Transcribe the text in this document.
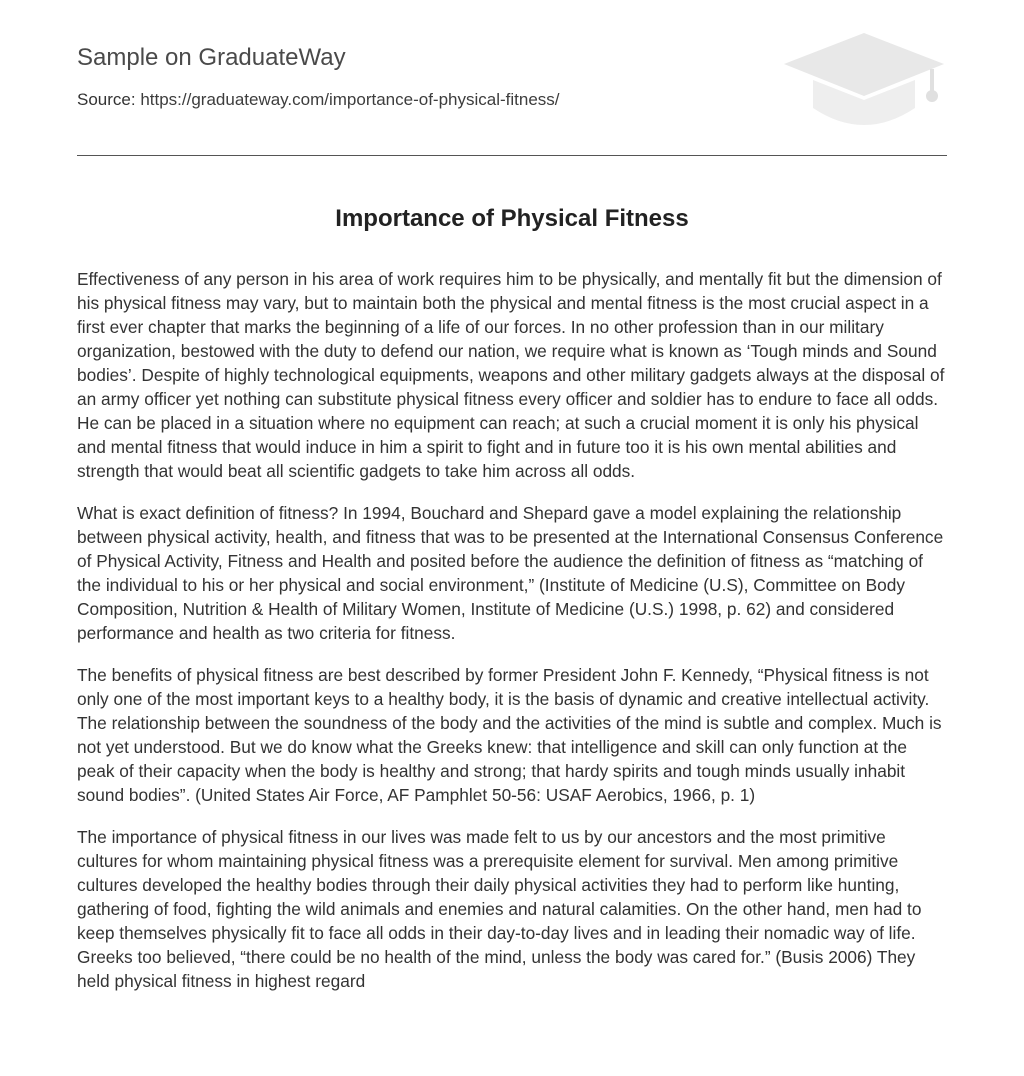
Sample on GraduateWay
Source: https://graduateway.com/importance-of-physical-fitness/
Importance of Physical Fitness

Effectiveness of any person in his area of work requires him to be physically, and mentally fit but the dimension of his physical fitness may vary, but to maintain both the physical and mental fitness is the most crucial aspect in a first ever chapter that marks the beginning of a life of our forces. In no other profession than in our military organization, bestowed with the duty to defend our nation, we require what is known as ‘Tough minds and Sound bodies’. Despite of highly technological equipments, weapons and other military gadgets always at the disposal of an army officer yet nothing can substitute physical fitness every officer and soldier has to endure to face all odds. He can be placed in a situation where no equipment can reach; at such a crucial moment it is only his physical and mental fitness that would induce in him a spirit to fight and in future too it is his own mental abilities and strength that would beat all scientific gadgets to take him across all odds.

What is exact definition of fitness? In 1994, Bouchard and Shepard gave a model explaining the relationship between physical activity, health, and fitness that was to be presented at the International Consensus Conference of Physical Activity, Fitness and Health and posited before the audience the definition of fitness as “matching of the individual to his or her physical and social environment,” (Institute of Medicine (U.S), Committee on Body Composition, Nutrition & Health of Military Women, Institute of Medicine (U.S.) 1998, p. 62) and considered performance and health as two criteria for fitness.

The benefits of physical fitness are best described by former President John F. Kennedy, “Physical fitness is not only one of the most important keys to a healthy body, it is the basis of dynamic and creative intellectual activity. The relationship between the soundness of the body and the activities of the mind is subtle and complex. Much is not yet understood. But we do know what the Greeks knew: that intelligence and skill can only function at the peak of their capacity when the body is healthy and strong; that hardy spirits and tough minds usually inhabit sound bodies”. (United States Air Force, AF Pamphlet 50-56: USAF Aerobics, 1966, p. 1)

The importance of physical fitness in our lives was made felt to us by our ancestors and the most primitive cultures for whom maintaining physical fitness was a prerequisite element for survival. Men among primitive cultures developed the healthy bodies through their daily physical activities they had to perform like hunting, gathering of food, fighting the wild animals and enemies and natural calamities. On the other hand, men had to keep themselves physically fit to face all odds in their day-to-day lives and in leading their nomadic way of life. Greeks too believed, “there could be no health of the mind, unless the body was cared for.” (Busis 2006) They held physical fitness in highest regard
